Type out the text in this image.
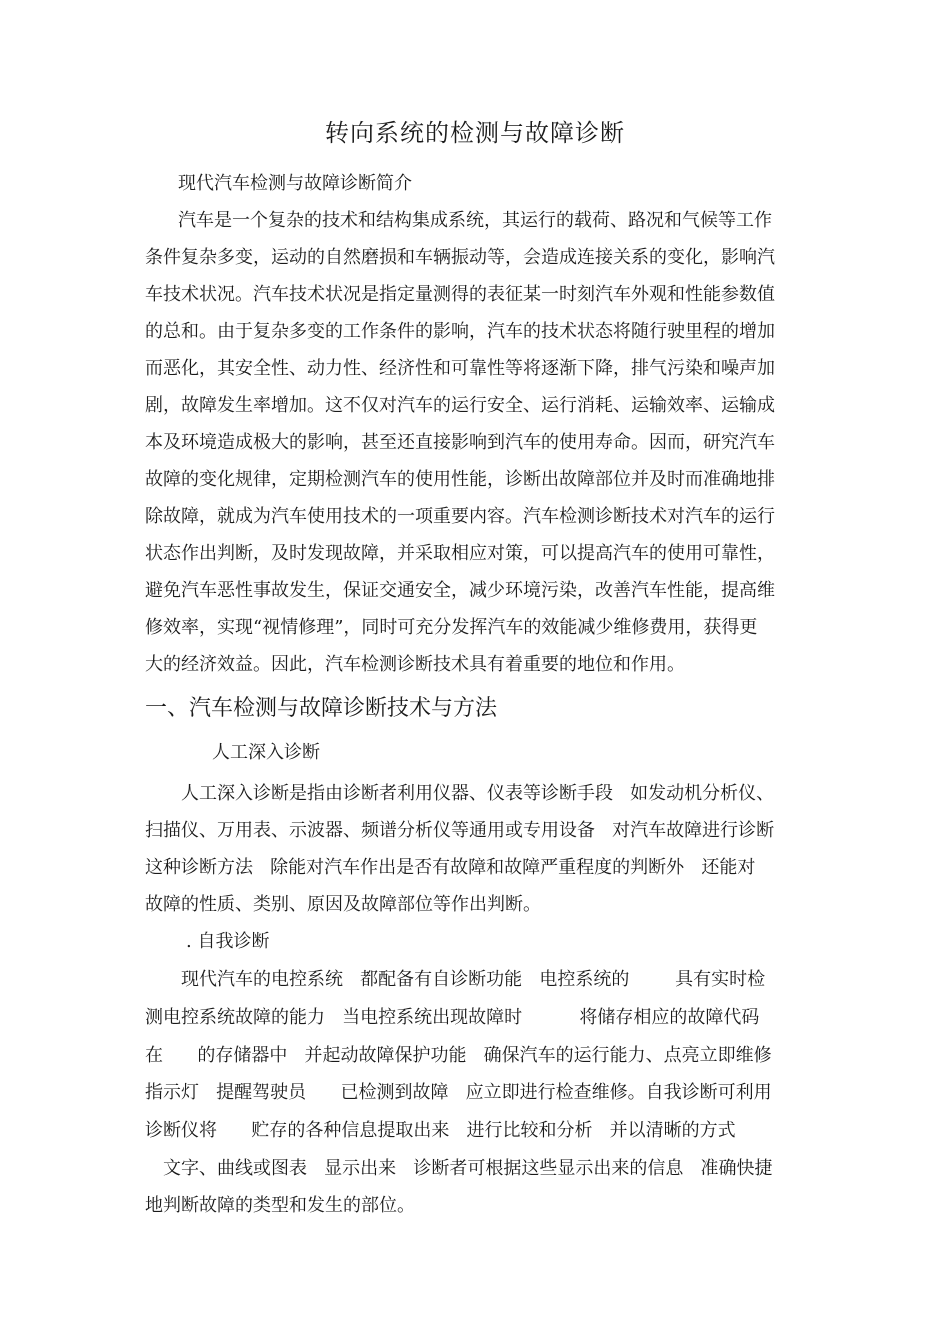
转向系统的检测与故障诊断
现代汽车检测与故障诊断简介
汽车是一个复杂的技术和结构集成系统，其运行的载荷、路况和气候等工作
条件复杂多变，运动的自然磨损和车辆振动等，会造成连接关系的变化，影响汽
车技术状况。汽车技术状况是指定量测得的表征某一时刻汽车外观和性能参数值
的总和。由于复杂多变的工作条件的影响，汽车的技术状态将随行驶里程的增加
而恶化，其安全性、动力性、经济性和可靠性等将逐渐下降，排气污染和噪声加
剧，故障发生率增加。这不仅对汽车的运行安全、运行消耗、运输效率、运输成
本及环境造成极大的影响，甚至还直接影响到汽车的使用寿命。因而，研究汽车
故障的变化规律，定期检测汽车的使用性能，诊断出故障部位并及时而准确地排
除故障，就成为汽车使用技术的一项重要内容。汽车检测诊断技术对汽车的运行
状态作出判断，及时发现故障，并采取相应对策，可以提高汽车的使用可靠性，
避免汽车恶性事故发生，保证交通安全，减少环境污染，改善汽车性能，提高维
修效率，实现“视情修理”，同时可充分发挥汽车的效能减少维修费用，获得更
大的经济效益。因此，汽车检测诊断技术具有着重要的地位和作用。
一、汽车检测与故障诊断技术与方法
人工深入诊断
人工深入诊断是指由诊断者利用仪器、仪表等诊断手段   如发动机分析仪、
扫描仪、万用表、示波器、频谱分析仪等通用或专用设备   对汽车故障进行诊断
这种诊断方法   除能对汽车作出是否有故障和故障严重程度的判断外   还能对
故障的性质、类别、原因及故障部位等作出判断。
. 自我诊断
现代汽车的电控系统   都配备有自诊断功能   电控系统的        具有实时检
测电控系统故障的能力   当电控系统出现故障时          将储存相应的故障代码
在      的存储器中   并起动故障保护功能   确保汽车的运行能力、点亮立即维修
指示灯   提醒驾驶员      已检测到故障   应立即进行检查维修。自我诊断可利用
诊断仪将      贮存的各种信息提取出来   进行比较和分析   并以清晰的方式
文字、曲线或图表   显示出来   诊断者可根据这些显示出来的信息   准确快捷
地判断故障的类型和发生的部位。
